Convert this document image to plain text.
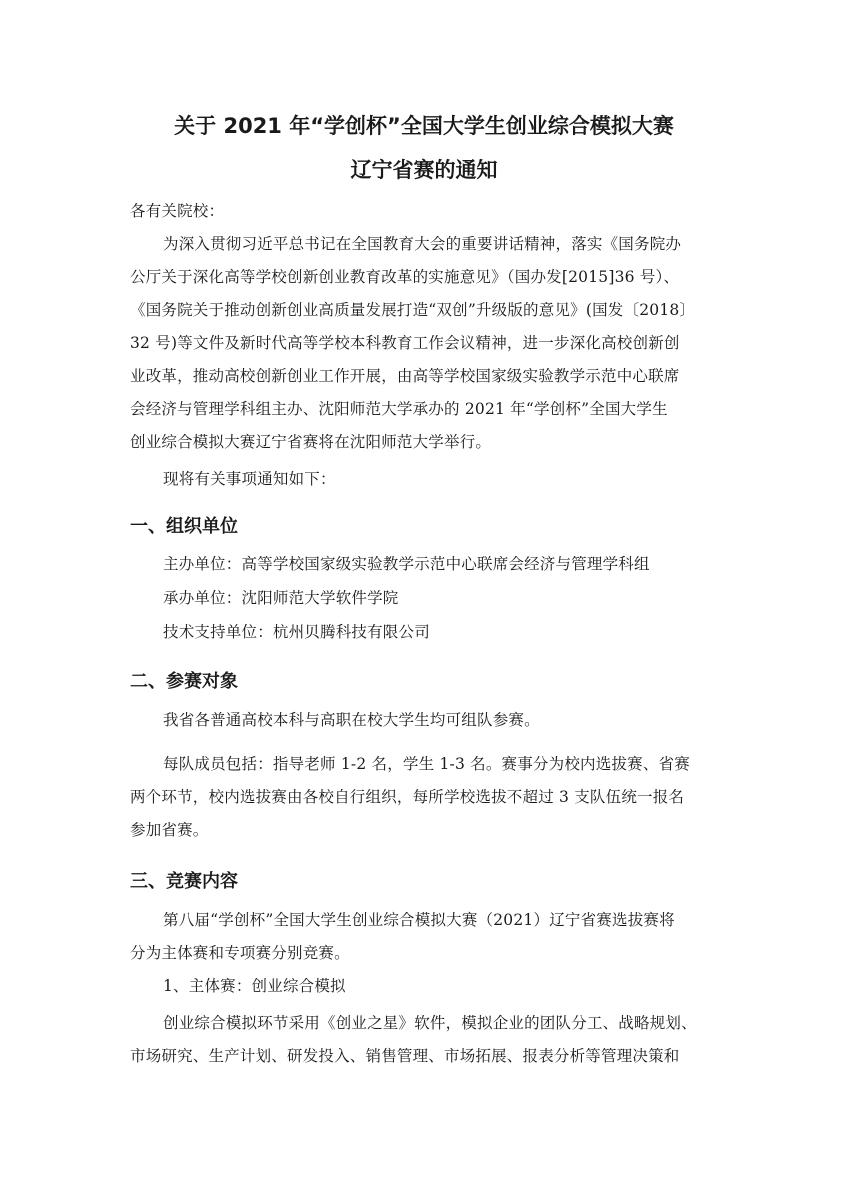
关于 2021 年“学创杯”全国大学生创业综合模拟大赛
辽宁省赛的通知
各有关院校：
为深入贯彻习近平总书记在全国教育大会的重要讲话精神，落实《国务院办
公厅关于深化高等学校创新创业教育改革的实施意见》（国办发[2015]36 号）、
《国务院关于推动创新创业高质量发展打造“双创”升级版的意见》(国发〔2018〕
32 号)等文件及新时代高等学校本科教育工作会议精神，进一步深化高校创新创
业改革，推动高校创新创业工作开展，由高等学校国家级实验教学示范中心联席
会经济与管理学科组主办、沈阳师范大学承办的 2021 年“学创杯”全国大学生
创业综合模拟大赛辽宁省赛将在沈阳师范大学举行。
现将有关事项通知如下：
一、组织单位
主办单位：高等学校国家级实验教学示范中心联席会经济与管理学科组
承办单位：沈阳师范大学软件学院
技术支持单位：杭州贝腾科技有限公司
二、参赛对象
我省各普通高校本科与高职在校大学生均可组队参赛。
每队成员包括：指导老师 1-2 名，学生 1-3 名。赛事分为校内选拔赛、省赛
两个环节，校内选拔赛由各校自行组织，每所学校选拔不超过 3 支队伍统一报名
参加省赛。
三、竞赛内容
第八届“学创杯”全国大学生创业综合模拟大赛（2021）辽宁省赛选拔赛将
分为主体赛和专项赛分别竞赛。
1、主体赛：创业综合模拟
创业综合模拟环节采用《创业之星》软件，模拟企业的团队分工、战略规划、
市场研究、生产计划、研发投入、销售管理、市场拓展、报表分析等管理决策和
